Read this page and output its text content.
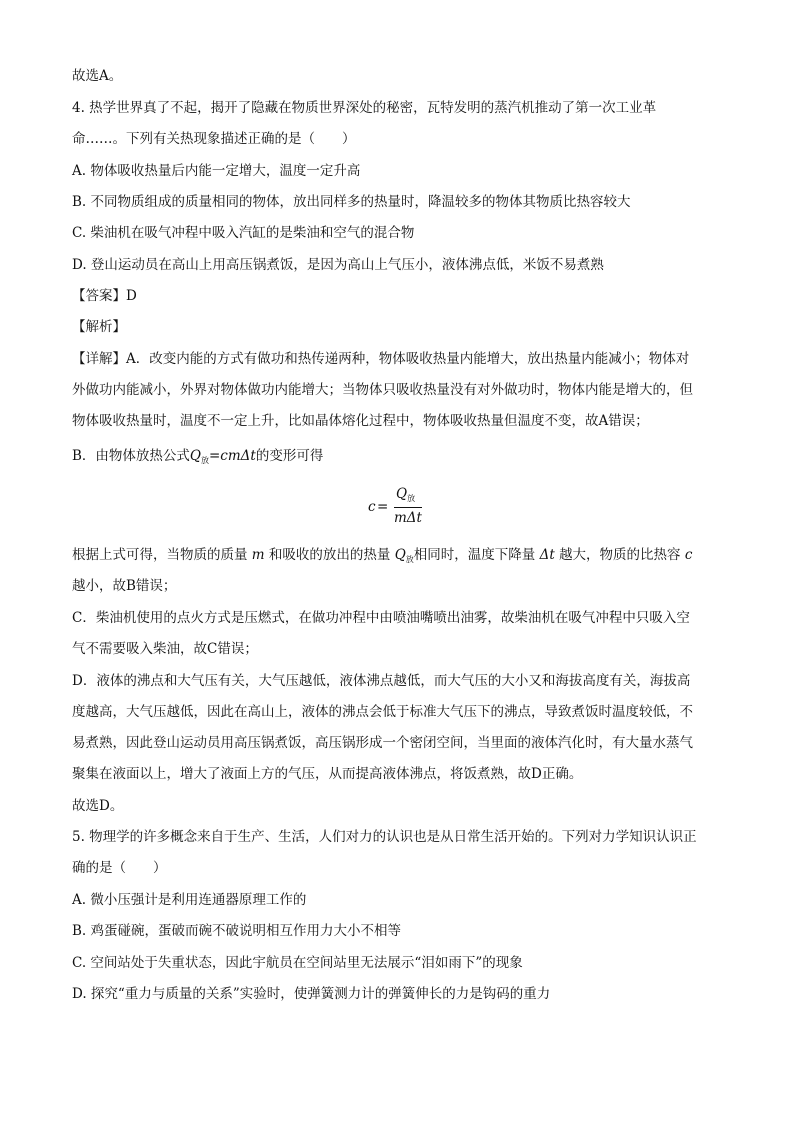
故选A。
4. 热学世界真了不起，揭开了隐藏在物质世界深处的秘密，瓦特发明的蒸汽机推动了第一次工业革
命……。下列有关热现象描述正确的是（　　）
A. 物体吸收热量后内能一定增大，温度一定升高
B. 不同物质组成的质量相同的物体，放出同样多的热量时，降温较多的物体其物质比热容较大
C. 柴油机在吸气冲程中吸入汽缸的是柴油和空气的混合物
D. 登山运动员在高山上用高压锅煮饭，是因为高山上气压小，液体沸点低，米饭不易煮熟
【答案】D
【解析】
【详解】A．改变内能的方式有做功和热传递两种，物体吸收热量内能增大，放出热量内能减小；物体对
外做功内能减小，外界对物体做功内能增大；当物体只吸收热量没有对外做功时，物体内能是增大的，但
物体吸收热量时，温度不一定上升，比如晶体熔化过程中，物体吸收热量但温度不变，故A错误；
B．由物体放热公式$Q_放=cm\Delta t$的变形可得
c =
$Q_放$
mΔt
根据上式可得，当物质的质量 m 和吸收的放出的热量 $Q_放$相同时，温度下降量 Δt 越大，物质的比热容 c
越小，故B错误；
C．柴油机使用的点火方式是压燃式，在做功冲程中由喷油嘴喷出油雾，故柴油机在吸气冲程中只吸入空
气不需要吸入柴油，故C错误；
D．液体的沸点和大气压有关，大气压越低，液体沸点越低，而大气压的大小又和海拔高度有关，海拔高
度越高，大气压越低，因此在高山上，液体的沸点会低于标准大气压下的沸点，导致煮饭时温度较低，不
易煮熟，因此登山运动员用高压锅煮饭，高压锅形成一个密闭空间，当里面的液体汽化时，有大量水蒸气
聚集在液面以上，增大了液面上方的气压，从而提高液体沸点，将饭煮熟，故D正确。
故选D。
5. 物理学的许多概念来自于生产、生活，人们对力的认识也是从日常生活开始的。下列对力学知识认识正
确的是（　　）
A. 微小压强计是利用连通器原理工作的
B. 鸡蛋碰碗，蛋破而碗不破说明相互作用力大小不相等
C. 空间站处于失重状态，因此宇航员在空间站里无法展示“泪如雨下”的现象
D. 探究“重力与质量的关系”实验时，使弹簧测力计的弹簧伸长的力是钩码的重力
